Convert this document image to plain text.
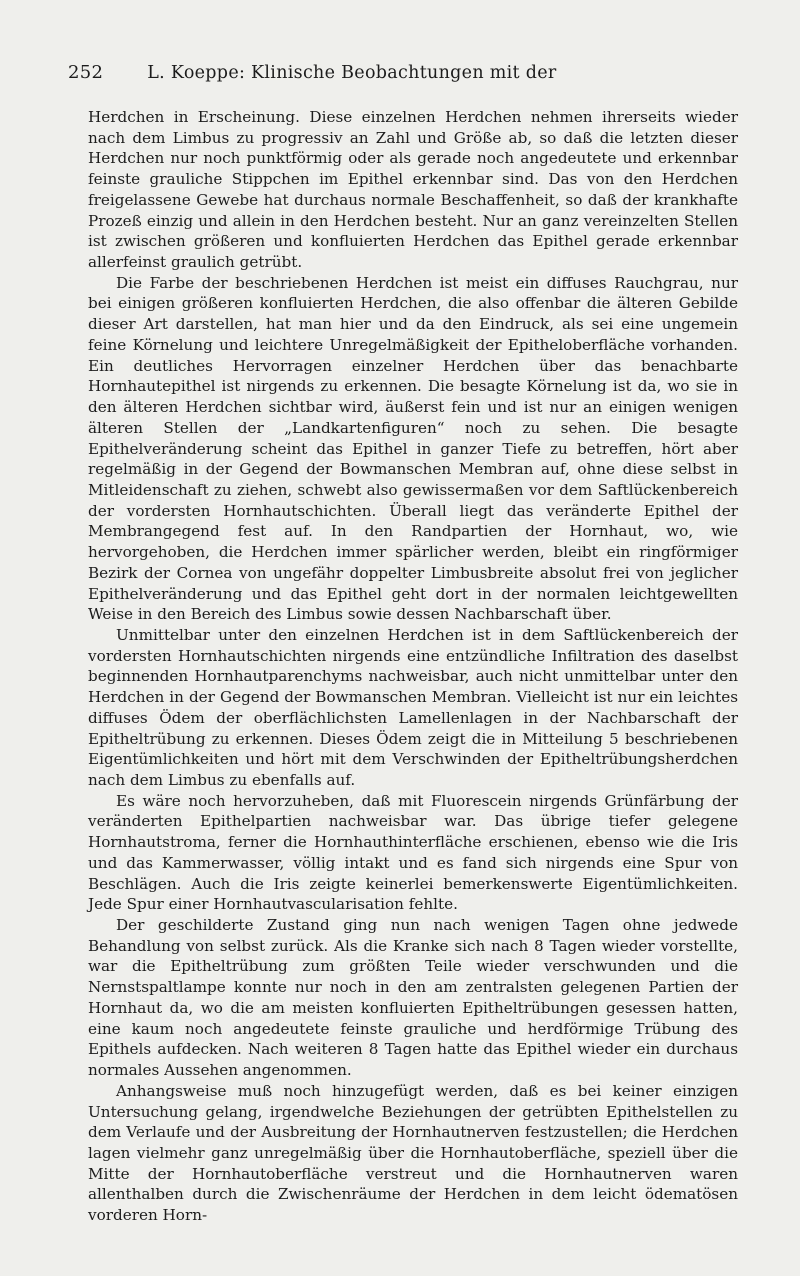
252	L. Koeppe: Klinische Beobachtungen mit der

Herdchen in Erscheinung. Diese einzelnen Herdchen nehmen ihrerseits wieder nach dem Limbus zu progressiv an Zahl und Größe ab, so daß die letzten dieser Herdchen nur noch punktförmig oder als gerade noch angedeutete und erkennbar feinste grauliche Stippchen im Epithel erkennbar sind. Das von den Herdchen freigelassene Gewebe hat durchaus normale Beschaffenheit, so daß der krankhafte Prozeß einzig und allein in den Herdchen besteht. Nur an ganz vereinzelten Stellen ist zwischen größeren und konfluierten Herdchen das Epithel gerade erkennbar allerfeinst graulich getrübt.

Die Farbe der beschriebenen Herdchen ist meist ein diffuses Rauchgrau, nur bei einigen größeren konfluierten Herdchen, die also offenbar die älteren Gebilde dieser Art darstellen, hat man hier und da den Eindruck, als sei eine ungemein feine Körnelung und leichtere Unregelmäßigkeit der Epitheloberfläche vorhanden. Ein deutliches Hervorragen einzelner Herdchen über das benachbarte Hornhautepithel ist nirgends zu erkennen. Die besagte Körnelung ist da, wo sie in den älteren Herdchen sichtbar wird, äußerst fein und ist nur an einigen wenigen älteren Stellen der „Landkartenfiguren“ noch zu sehen. Die besagte Epithelveränderung scheint das Epithel in ganzer Tiefe zu betreffen, hört aber regelmäßig in der Gegend der Bowmanschen Membran auf, ohne diese selbst in Mitleidenschaft zu ziehen, schwebt also gewissermaßen vor dem Saftlückenbereich der vordersten Hornhautschichten. Überall liegt das veränderte Epithel der Membrangegend fest auf. In den Randpartien der Hornhaut, wo, wie hervorgehoben, die Herdchen immer spärlicher werden, bleibt ein ringförmiger Bezirk der Cornea von ungefähr doppelter Limbusbreite absolut frei von jeglicher Epithelveränderung und das Epithel geht dort in der normalen leichtgewellten Weise in den Bereich des Limbus sowie dessen Nachbarschaft über.

Unmittelbar unter den einzelnen Herdchen ist in dem Saftlückenbereich der vordersten Hornhautschichten nirgends eine entzündliche Infiltration des daselbst beginnenden Hornhautparenchyms nachweisbar, auch nicht unmittelbar unter den Herdchen in der Gegend der Bowmanschen Membran. Vielleicht ist nur ein leichtes diffuses Ödem der oberflächlichsten Lamellenlagen in der Nachbarschaft der Epitheltrübung zu erkennen. Dieses Ödem zeigt die in Mitteilung 5 beschriebenen Eigentümlichkeiten und hört mit dem Verschwinden der Epitheltrübungsherdchen nach dem Limbus zu ebenfalls auf.

Es wäre noch hervorzuheben, daß mit Fluorescein nirgends Grünfärbung der veränderten Epithelpartien nachweisbar war. Das übrige tiefer gelegene Hornhautstroma, ferner die Hornhauthinterfläche erschienen, ebenso wie die Iris und das Kammerwasser, völlig intakt und es fand sich nirgends eine Spur von Beschlägen. Auch die Iris zeigte keinerlei bemerkenswerte Eigentümlichkeiten. Jede Spur einer Hornhautvascularisation fehlte.

Der geschilderte Zustand ging nun nach wenigen Tagen ohne jedwede Behandlung von selbst zurück. Als die Kranke sich nach 8 Tagen wieder vorstellte, war die Epitheltrübung zum größten Teile wieder verschwunden und die Nernstspaltlampe konnte nur noch in den am zentralsten gelegenen Partien der Hornhaut da, wo die am meisten konfluierten Epitheltrübungen gesessen hatten, eine kaum noch angedeutete feinste grauliche und herdförmige Trübung des Epithels aufdecken. Nach weiteren 8 Tagen hatte das Epithel wieder ein durchaus normales Aussehen angenommen.

Anhangsweise muß noch hinzugefügt werden, daß es bei keiner einzigen Untersuchung gelang, irgendwelche Beziehungen der getrübten Epithelstellen zu dem Verlaufe und der Ausbreitung der Hornhautnerven festzustellen; die Herdchen lagen vielmehr ganz unregelmäßig über die Hornhautoberfläche, speziell über die Mitte der Hornhautoberfläche verstreut und die Hornhautnerven waren allenthalben durch die Zwischenräume der Herdchen in dem leicht ödematösen vorderen Horn-
